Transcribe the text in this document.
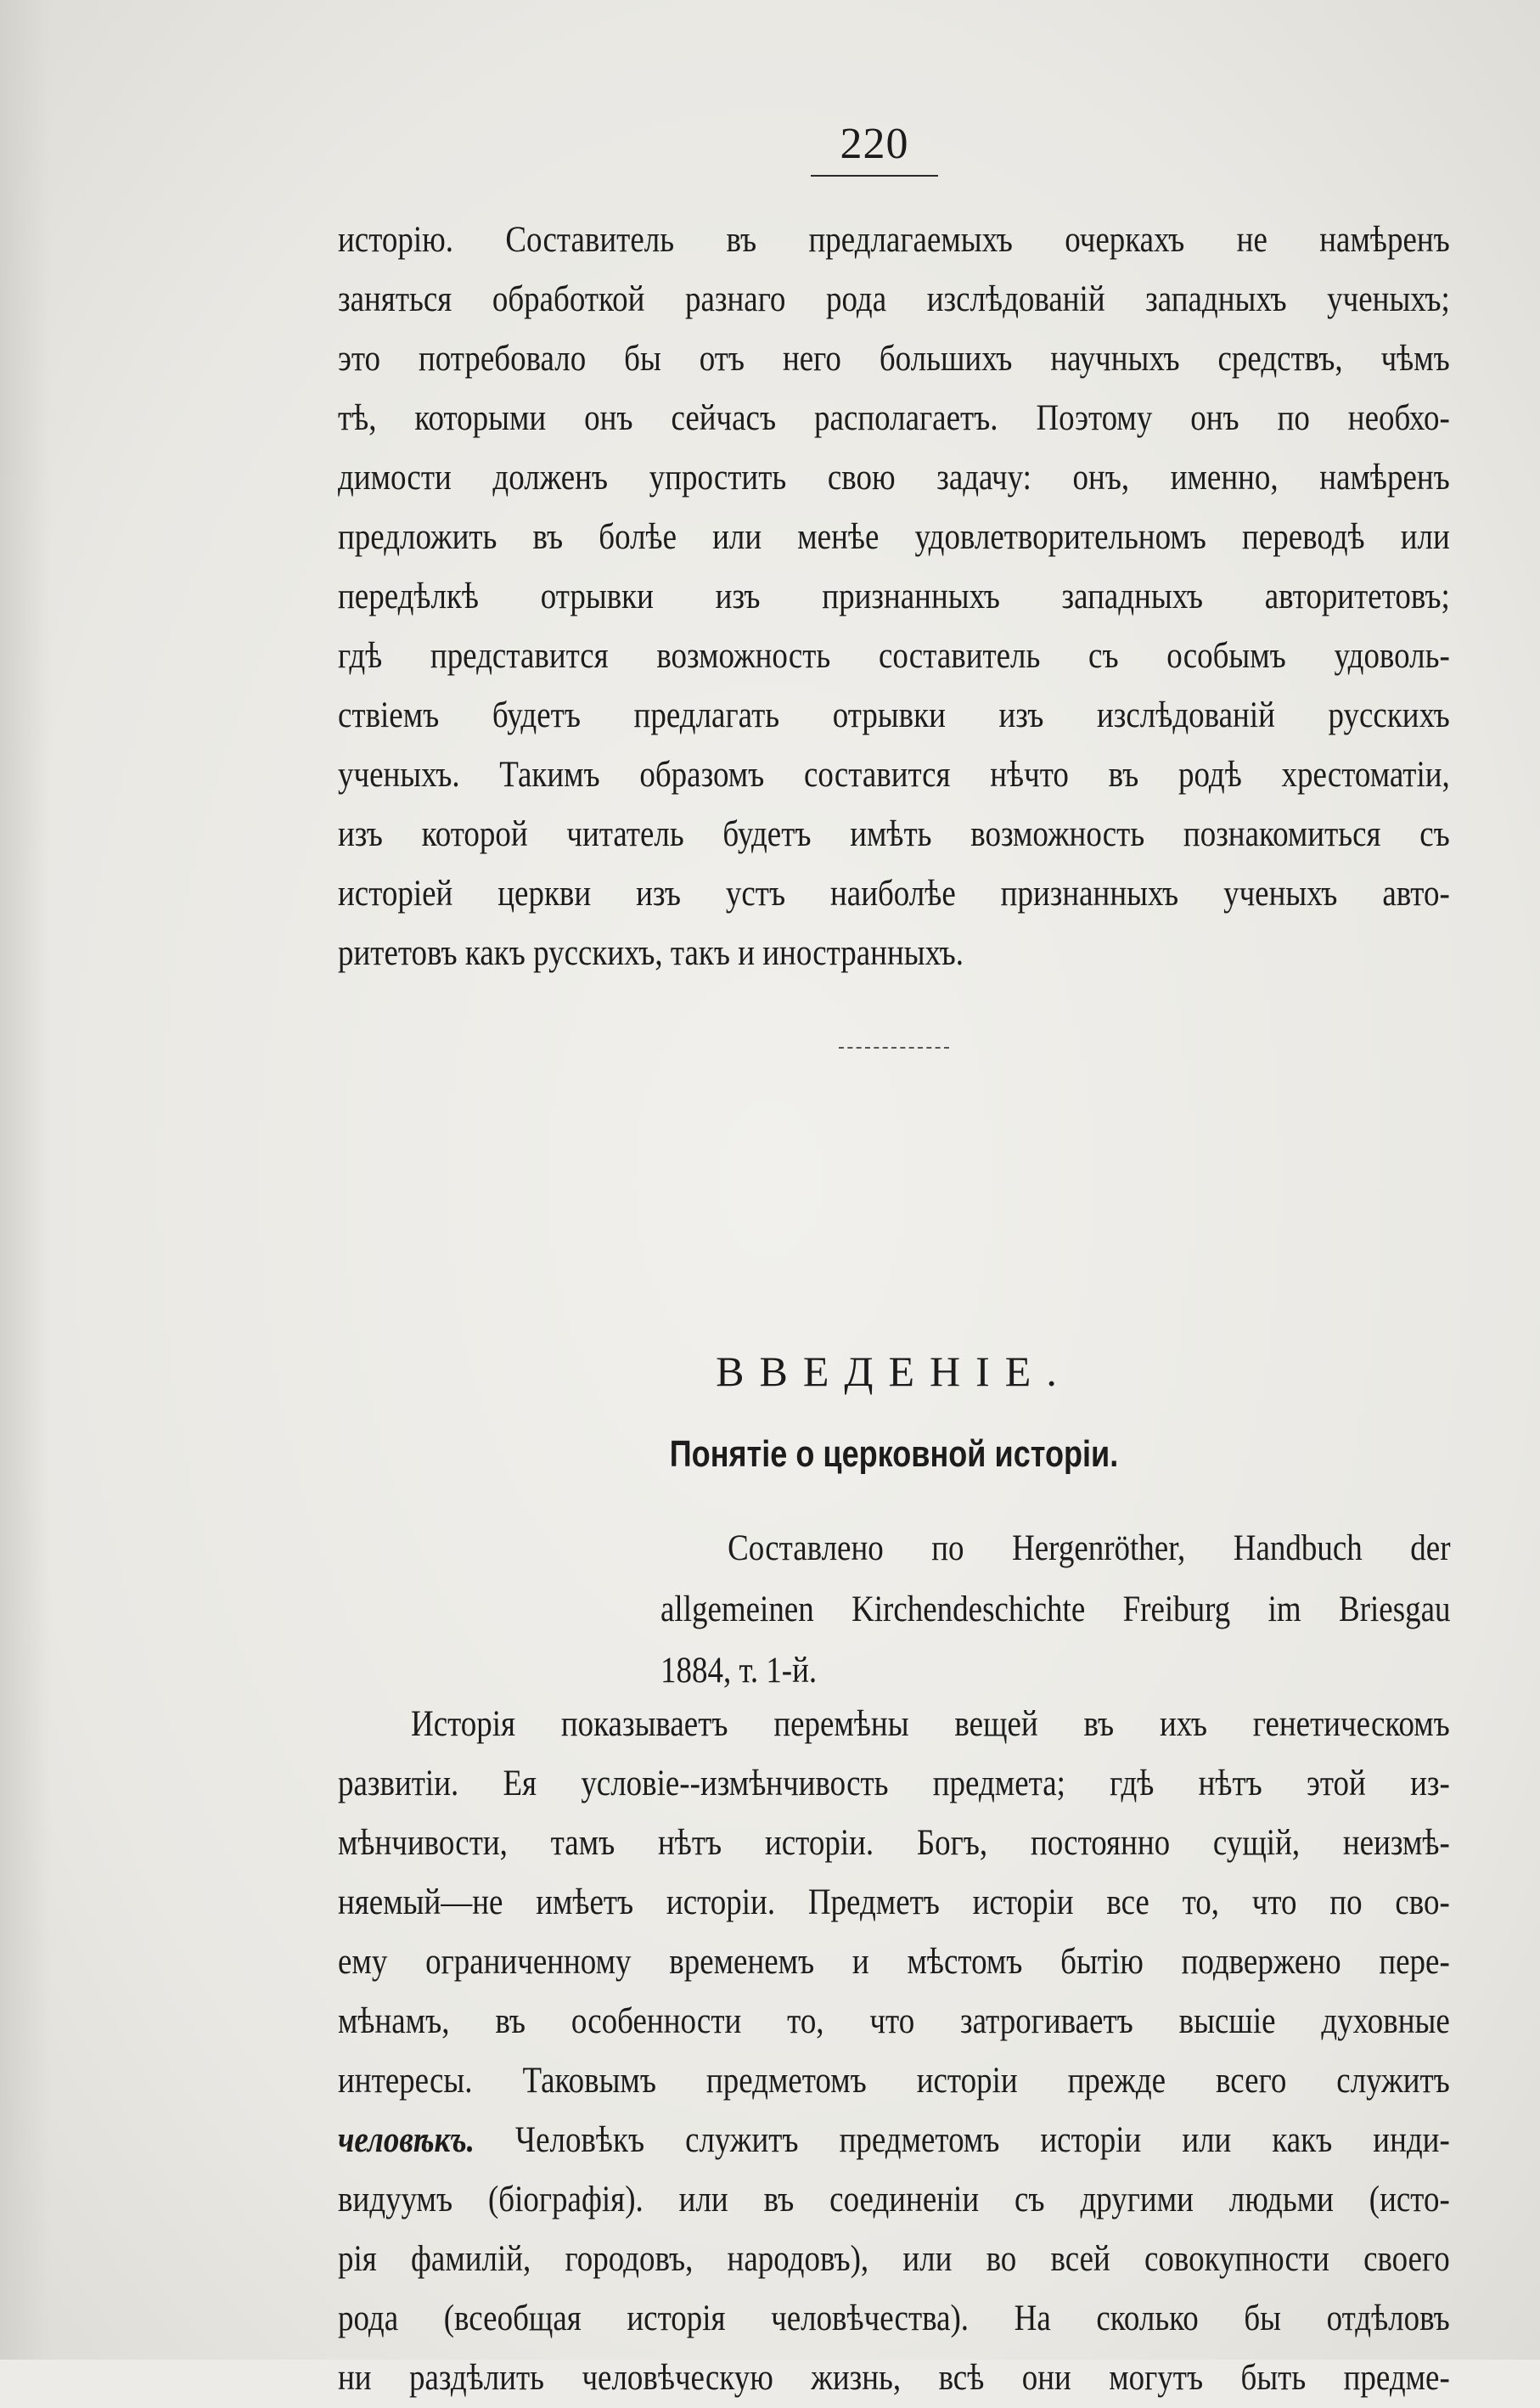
220
исторію. Составитель въ предлагаемыхъ очеркахъ не намѣренъ
заняться обработкой разнаго рода изслѣдованій западныхъ ученыхъ;
это потребовало бы отъ него большихъ научныхъ средствъ, чѣмъ
тѣ, которыми онъ сейчасъ располагаетъ. Поэтому онъ по необхо-
димости долженъ упростить свою задачу: онъ, именно, намѣренъ
предложить въ болѣе или менѣе удовлетворительномъ переводѣ или
передѣлкѣ отрывки изъ признанныхъ западныхъ авторитетовъ;
гдѣ представится возможность составитель съ особымъ удоволь-
ствіемъ будетъ предлагать отрывки изъ изслѣдованій русскихъ
ученыхъ. Такимъ образомъ составится нѣчто въ родѣ хрестоматіи,
изъ которой читатель будетъ имѣть возможность познакомиться съ
исторіей церкви изъ устъ наиболѣе признанныхъ ученыхъ авто-
ритетовъ какъ русскихъ, такъ и иностранныхъ.
ВВЕДЕНІЕ.
Понятіе о церковной исторіи.
Составлено по Hergenröther, Handbuch der
allgemeinen Kirchendeschichte Freiburg im Briesgau
1884, т. 1-й.
Исторія показываетъ перемѣны вещей въ ихъ генетическомъ
развитіи. Ея условіе--измѣнчивость предмета; гдѣ нѣтъ этой из-
мѣнчивости, тамъ нѣтъ исторіи. Богъ, постоянно сущій, неизмѣ-
няемый—не имѣетъ исторіи. Предметъ исторіи все то, что по сво-
ему ограниченному временемъ и мѣстомъ бытію подвержено пере-
мѣнамъ, въ особенности то, что затрогиваетъ высшіе духовные
интересы. Таковымъ предметомъ исторіи прежде всего служитъ
человѣкъ. Человѣкъ служитъ предметомъ исторіи или какъ инди-
видуумъ (біографія). или въ соединеніи съ другими людьми (исто-
рія фамилій, городовъ, народовъ), или во всей совокупности своего
рода (всеобщая исторія человѣчества). На сколько бы отдѣловъ
ни раздѣлить человѣческую жизнь, всѣ они могутъ быть предме-
